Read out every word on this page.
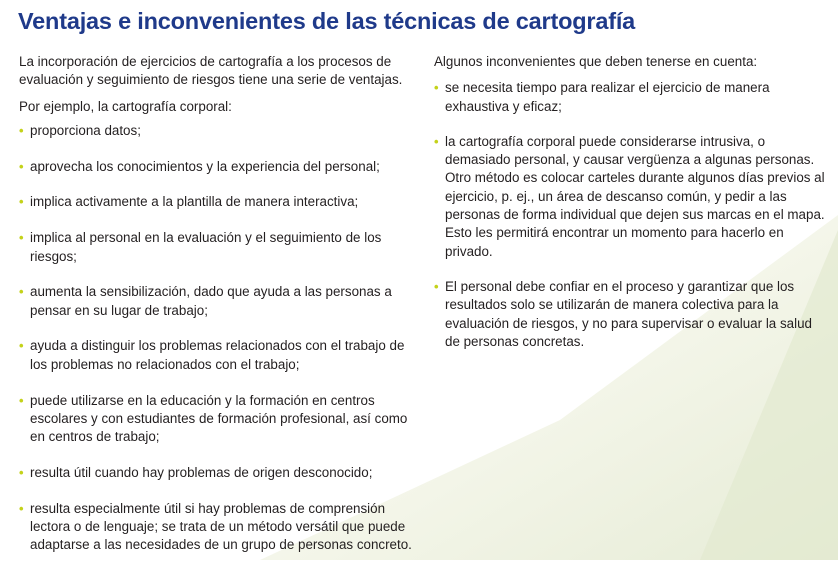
Ventajas e inconvenientes de las técnicas de cartografía

La incorporación de ejercicios de cartografía a los procesos de evaluación y seguimiento de riesgos tiene una serie de ventajas.

Por ejemplo, la cartografía corporal:

• proporciona datos;
• aprovecha los conocimientos y la experiencia del personal;
• implica activamente a la plantilla de manera interactiva;
• implica al personal en la evaluación y el seguimiento de los riesgos;
• aumenta la sensibilización, dado que ayuda a las personas a pensar en su lugar de trabajo;
• ayuda a distinguir los problemas relacionados con el trabajo de los problemas no relacionados con el trabajo;
• puede utilizarse en la educación y la formación en centros escolares y con estudiantes de formación profesional, así como en centros de trabajo;
• resulta útil cuando hay problemas de origen desconocido;
• resulta especialmente útil si hay problemas de comprensión lectora o de lenguaje; se trata de un método versátil que puede adaptarse a las necesidades de un grupo de personas concreto.

Algunos inconvenientes que deben tenerse en cuenta:

• se necesita tiempo para realizar el ejercicio de manera exhaustiva y eficaz;
• la cartografía corporal puede considerarse intrusiva, o demasiado personal, y causar vergüenza a algunas personas. Otro método es colocar carteles durante algunos días previos al ejercicio, p. ej., un área de descanso común, y pedir a las personas de forma individual que dejen sus marcas en el mapa. Esto les permitirá encontrar un momento para hacerlo en privado.
• El personal debe confiar en el proceso y garantizar que los resultados solo se utilizarán de manera colectiva para la evaluación de riesgos, y no para supervisar o evaluar la salud de personas concretas.
